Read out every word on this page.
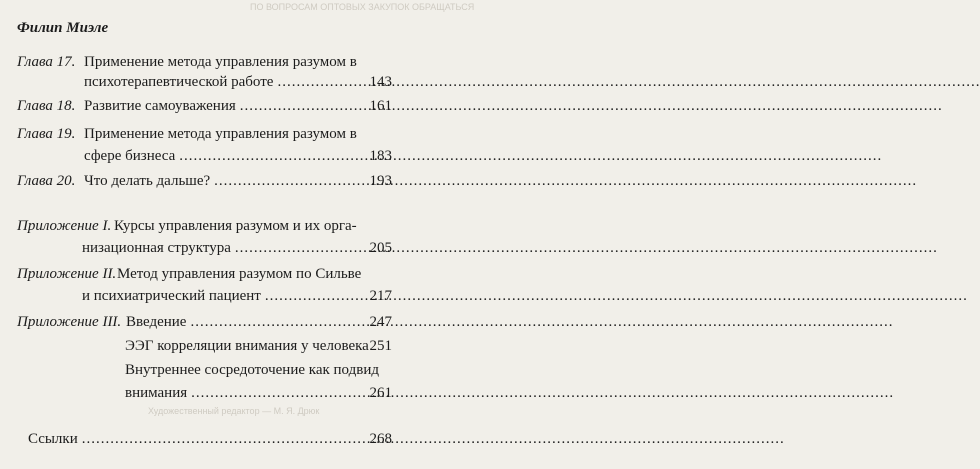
ПО ВОПРОСАМ ОПТОВЫХ ЗАКУПОК ОБРАЩАТЬСЯ
Филип Миэле
Глава 17. Применение метода управления разумом в
психотерапевтической работе .....	143
Глава 18. Развитие самоуважения .....	161
Глава 19. Применение метода управления разумом в
сфере бизнеса .....	183
Глава 20. Что делать дальше? .....	193
Приложение I. Курсы управления разумом и их орга-
низационная структура .....	205
Приложение II. Метод управления разумом по Сильве
и психиатрический пациент .....	217
Приложение III. Введение .....	247
ЭЭГ корреляции внимания у человека 251
Внутреннее сосредоточение как подвид
внимания .....	261
Художественный редактор — М. Я. Дрюк
Ссылки .....	268
